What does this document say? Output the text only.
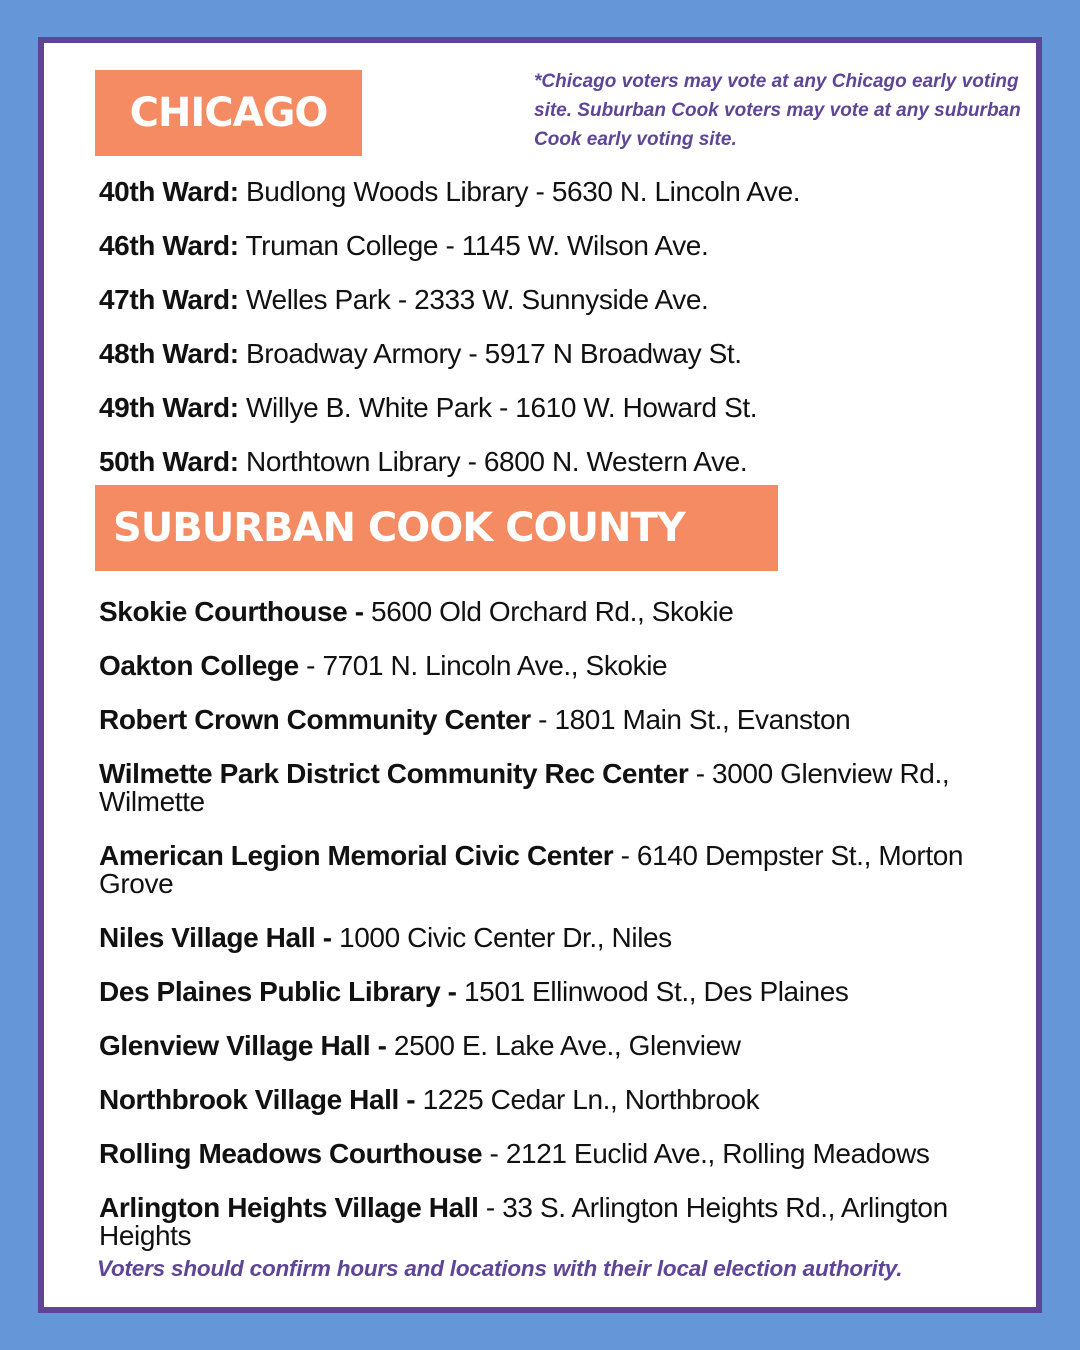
CHICAGO
*Chicago voters may vote at any Chicago early voting site. Suburban Cook voters may vote at any suburban Cook early voting site.
40th Ward: Budlong Woods Library - 5630 N. Lincoln Ave.
46th Ward: Truman College - 1145 W. Wilson Ave.
47th Ward: Welles Park - 2333 W. Sunnyside Ave.
48th Ward: Broadway Armory - 5917 N Broadway St.
49th Ward: Willye B. White Park - 1610 W. Howard St.
50th Ward: Northtown Library - 6800 N. Western Ave.
SUBURBAN COOK COUNTY
Skokie Courthouse - 5600 Old Orchard Rd., Skokie
Oakton College - 7701 N. Lincoln Ave., Skokie
Robert Crown Community Center - 1801 Main St., Evanston
Wilmette Park District Community Rec Center - 3000 Glenview Rd., Wilmette
American Legion Memorial Civic Center - 6140 Dempster St., Morton Grove
Niles Village Hall - 1000 Civic Center Dr., Niles
Des Plaines Public Library - 1501 Ellinwood St., Des Plaines
Glenview Village Hall - 2500 E. Lake Ave., Glenview
Northbrook Village Hall - 1225 Cedar Ln., Northbrook
Rolling Meadows Courthouse - 2121 Euclid Ave., Rolling Meadows
Arlington Heights Village Hall - 33 S. Arlington Heights Rd., Arlington Heights
Voters should confirm hours and locations with their local election authority.
